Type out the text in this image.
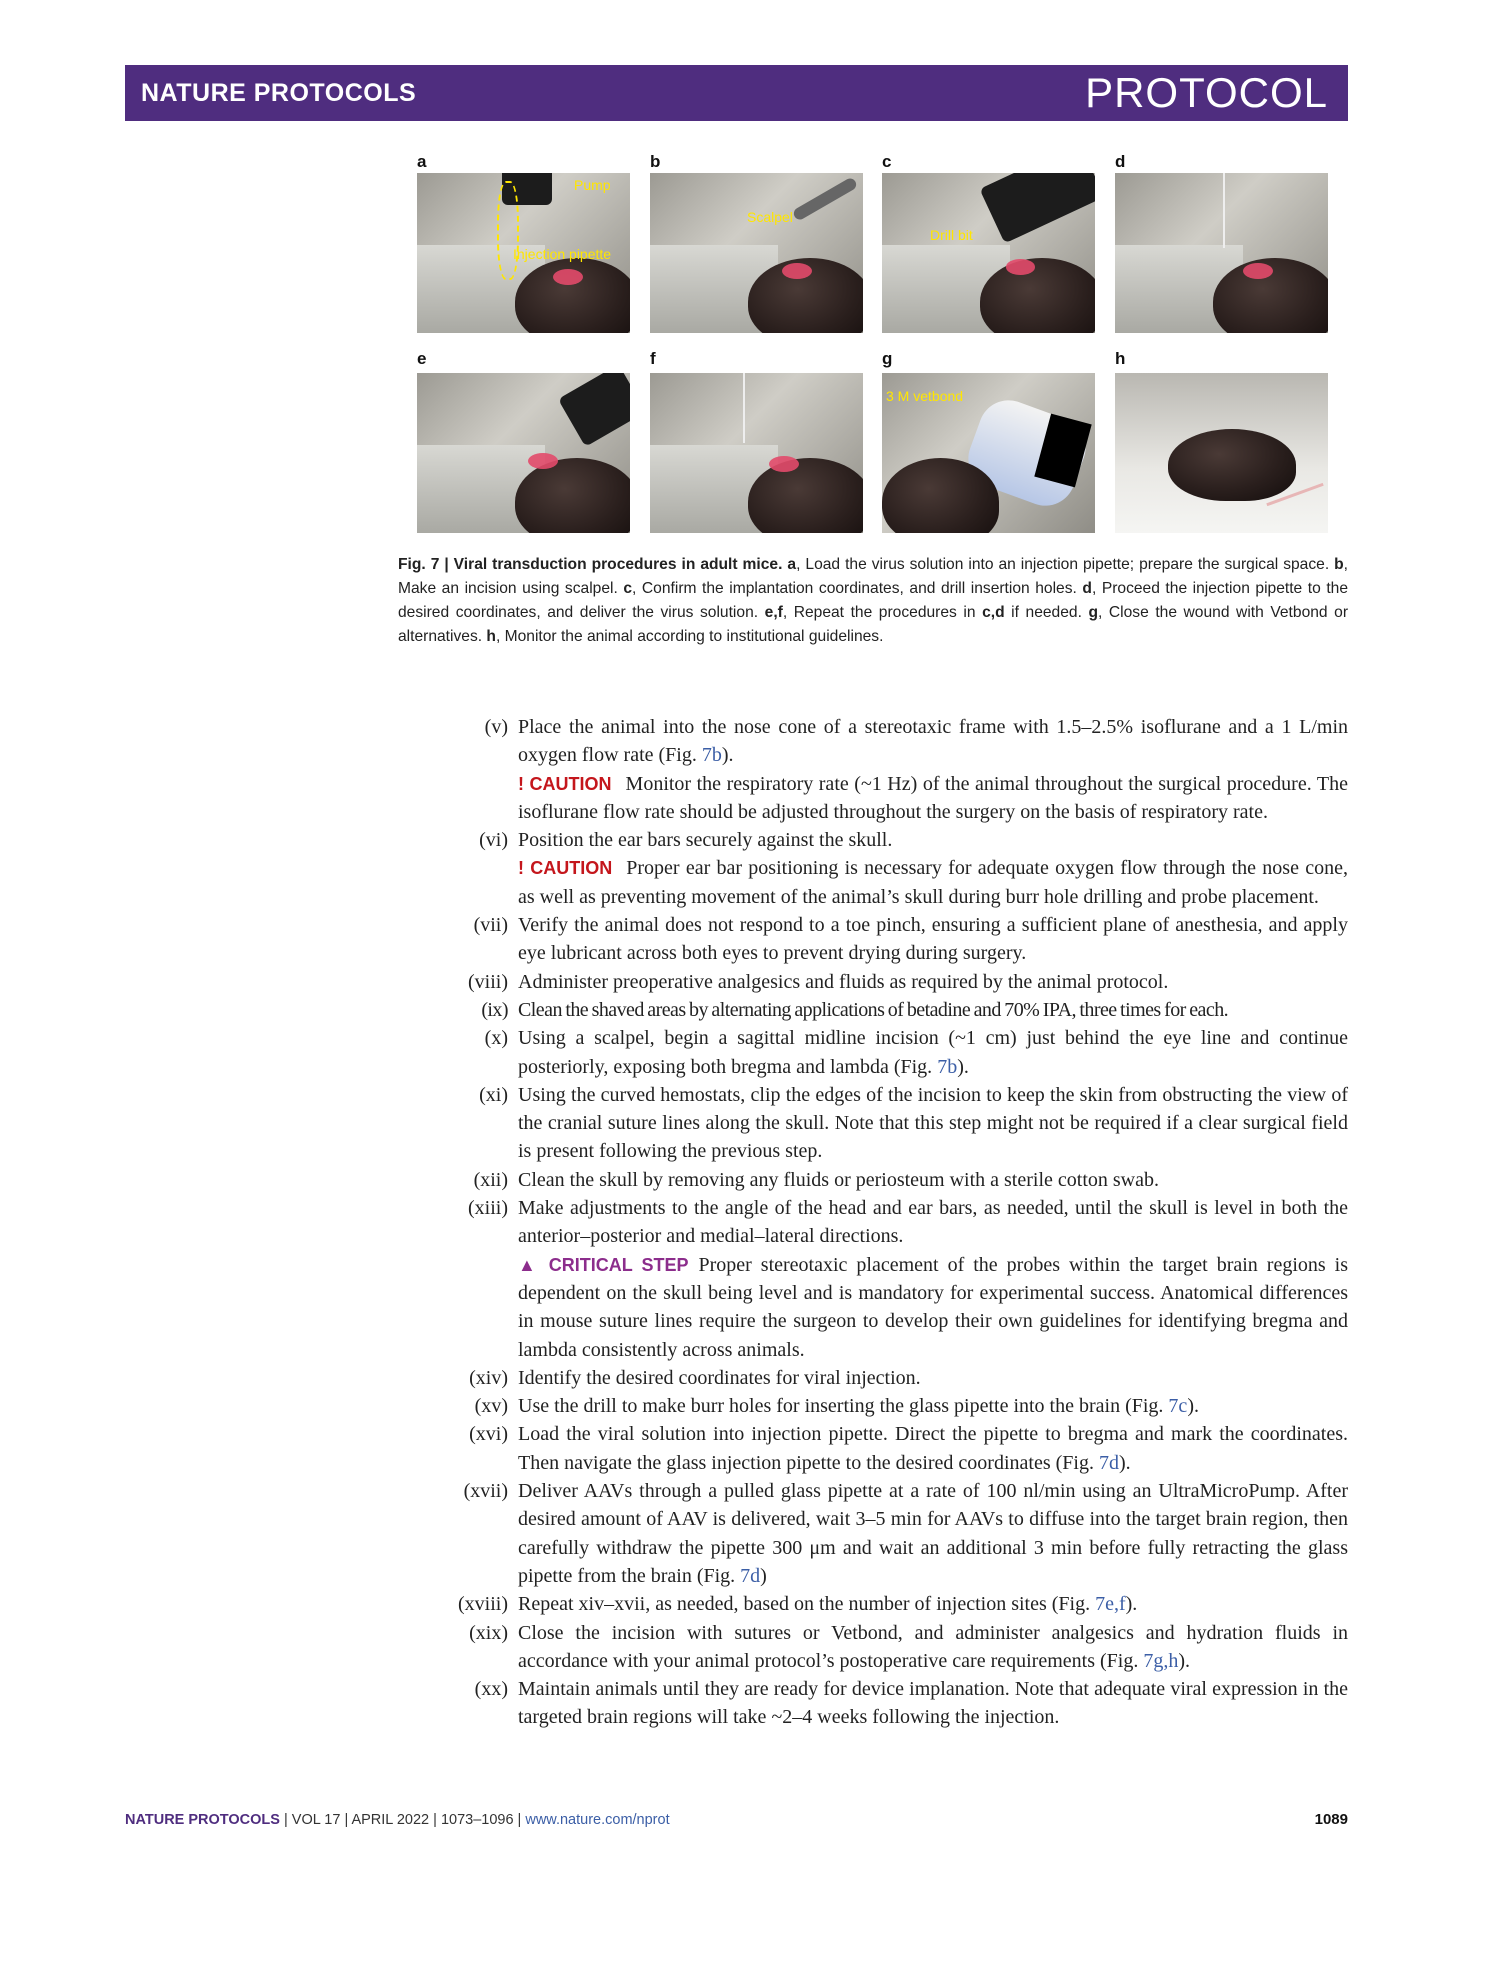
NATURE PROTOCOLS	PROTOCOL
a	b	c	d
e	f	g	h
Pump
Injection pipette
Scalpel
Drill bit
3 M vetbond
Fig. 7 | Viral transduction procedures in adult mice. a, Load the virus solution into an injection pipette; prepare the surgical space. b, Make an incision using scalpel. c, Confirm the implantation coordinates, and drill insertion holes. d, Proceed the injection pipette to the desired coordinates, and deliver the virus solution. e,f, Repeat the procedures in c,d if needed. g, Close the wound with Vetbond or alternatives. h, Monitor the animal according to institutional guidelines.
(v) Place the animal into the nose cone of a stereotaxic frame with 1.5–2.5% isoflurane and a 1 L/min oxygen flow rate (Fig. 7b).
! CAUTION Monitor the respiratory rate (~1 Hz) of the animal throughout the surgical procedure. The isoflurane flow rate should be adjusted throughout the surgery on the basis of respiratory rate.
(vi) Position the ear bars securely against the skull.
! CAUTION Proper ear bar positioning is necessary for adequate oxygen flow through the nose cone, as well as preventing movement of the animal’s skull during burr hole drilling and probe placement.
(vii) Verify the animal does not respond to a toe pinch, ensuring a sufficient plane of anesthesia, and apply eye lubricant across both eyes to prevent drying during surgery.
(viii) Administer preoperative analgesics and fluids as required by the animal protocol.
(ix) Clean the shaved areas by alternating applications of betadine and 70% IPA, three times for each.
(x) Using a scalpel, begin a sagittal midline incision (~1 cm) just behind the eye line and continue posteriorly, exposing both bregma and lambda (Fig. 7b).
(xi) Using the curved hemostats, clip the edges of the incision to keep the skin from obstructing the view of the cranial suture lines along the skull. Note that this step might not be required if a clear surgical field is present following the previous step.
(xii) Clean the skull by removing any fluids or periosteum with a sterile cotton swab.
(xiii) Make adjustments to the angle of the head and ear bars, as needed, until the skull is level in both the anterior–posterior and medial–lateral directions.
▲ CRITICAL STEP Proper stereotaxic placement of the probes within the target brain regions is dependent on the skull being level and is mandatory for experimental success. Anatomical differences in mouse suture lines require the surgeon to develop their own guidelines for identifying bregma and lambda consistently across animals.
(xiv) Identify the desired coordinates for viral injection.
(xv) Use the drill to make burr holes for inserting the glass pipette into the brain (Fig. 7c).
(xvi) Load the viral solution into injection pipette. Direct the pipette to bregma and mark the coordinates. Then navigate the glass injection pipette to the desired coordinates (Fig. 7d).
(xvii) Deliver AAVs through a pulled glass pipette at a rate of 100 nl/min using an UltraMicroPump. After desired amount of AAV is delivered, wait 3–5 min for AAVs to diffuse into the target brain region, then carefully withdraw the pipette 300 μm and wait an additional 3 min before fully retracting the glass pipette from the brain (Fig. 7d)
(xviii) Repeat xiv–xvii, as needed, based on the number of injection sites (Fig. 7e,f).
(xix) Close the incision with sutures or Vetbond, and administer analgesics and hydration fluids in accordance with your animal protocol’s postoperative care requirements (Fig. 7g,h).
(xx) Maintain animals until they are ready for device implanation. Note that adequate viral expression in the targeted brain regions will take ~2–4 weeks following the injection.
NATURE PROTOCOLS | VOL 17 | APRIL 2022 | 1073–1096 | www.nature.com/nprot	1089
